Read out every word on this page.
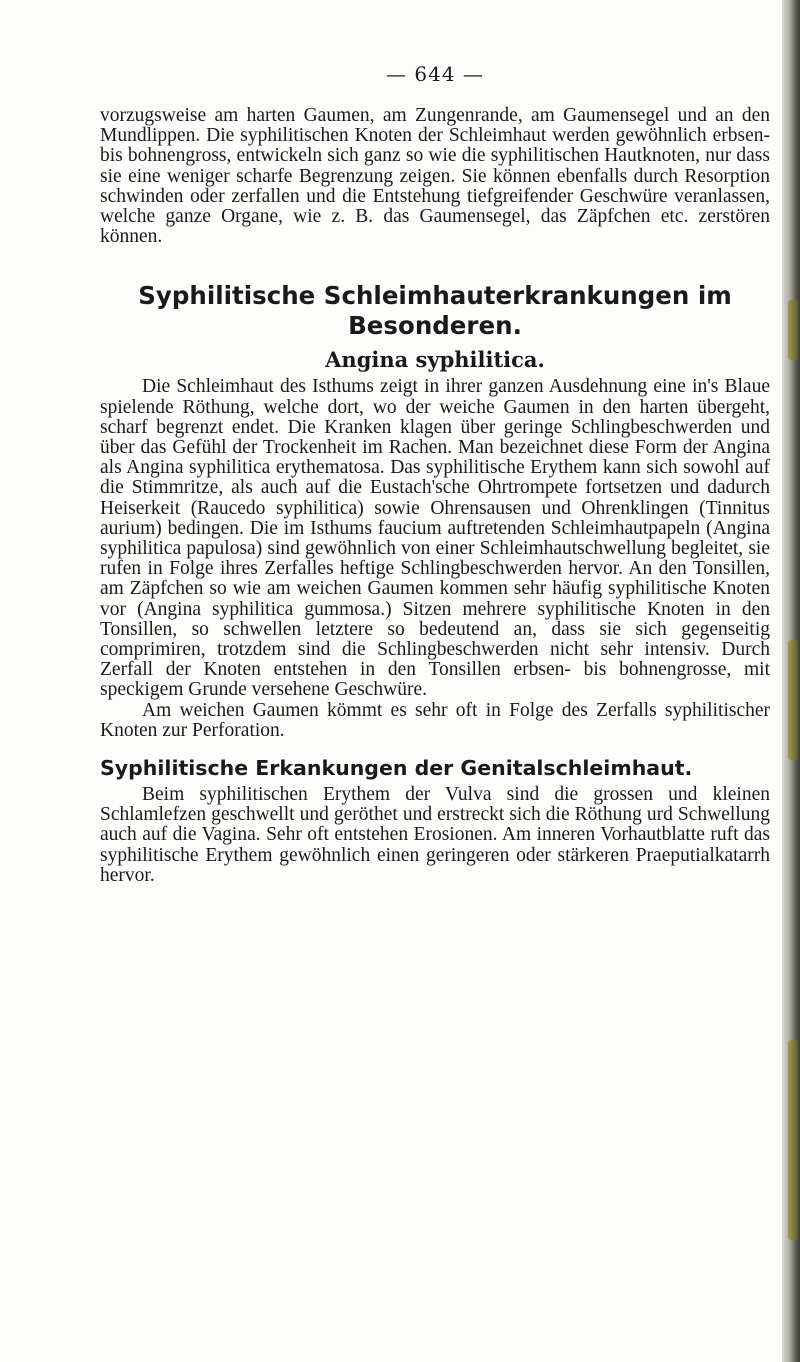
— 644 —

vorzugsweise am harten Gaumen, am Zungenrande, am Gaumensegel und an den Mundlippen. Die syphilitischen Knoten der Schleimhaut werden gewöhnlich erbsen- bis bohnengross, entwickeln sich ganz so wie die syphilitischen Hautknoten, nur dass sie eine weniger scharfe Begrenzung zeigen. Sie können ebenfalls durch Resorption schwinden oder zerfallen und die Entstehung tiefgreifender Geschwüre veranlassen, welche ganze Organe, wie z. B. das Gaumensegel, das Zäpfchen etc. zerstören können.

Syphilitische Schleimhauterkrankungen im
Besonderen.
Angina syphilitica.

Die Schleimhaut des Isthums zeigt in ihrer ganzen Ausdehnung eine in's Blaue spielende Röthung, welche dort, wo der weiche Gaumen in den harten übergeht, scharf begrenzt endet. Die Kranken klagen über geringe Schlingbeschwerden und über das Gefühl der Trockenheit im Rachen. Man bezeichnet diese Form der Angina als Angina syphilitica erythematosa. Das syphilitische Erythem kann sich sowohl auf die Stimmritze, als auch auf die Eustach'sche Ohrtrompete fortsetzen und dadurch Heiserkeit (Raucedo syphilitica) sowie Ohrensausen und Ohrenklingen (Tinnitus aurium) bedingen. Die im Isthums faucium auftretenden Schleimhautpapeln (Angina syphilitica papulosa) sind gewöhnlich von einer Schleimhautschwellung begleitet, sie rufen in Folge ihres Zerfalles heftige Schlingbeschwerden hervor. An den Tonsillen, am Zäpfchen so wie am weichen Gaumen kommen sehr häufig syphilitische Knoten vor (Angina syphilitica gummosa.) Sitzen mehrere syphilitische Knoten in den Tonsillen, so schwellen letztere so bedeutend an, dass sie sich gegenseitig comprimiren, trotzdem sind die Schlingbeschwerden nicht sehr intensiv. Durch Zerfall der Knoten entstehen in den Tonsillen erbsen- bis bohnengrosse, mit speckigem Grunde versehene Geschwüre.

Am weichen Gaumen kömmt es sehr oft in Folge des Zerfalls syphilitischer Knoten zur Perforation.

Syphilitische Erkankungen der Genitalschleimhaut.

Beim syphilitischen Erythem der Vulva sind die grossen und kleinen Schlamlefzen geschwellt und geröthet und erstreckt sich die Röthung urd Schwellung auch auf die Vagina. Sehr oft entstehen Erosionen. Am inneren Vorhautblatte ruft das syphilitische Erythem gewöhnlich einen geringeren oder stärkeren Praeputialkatarrh hervor.
